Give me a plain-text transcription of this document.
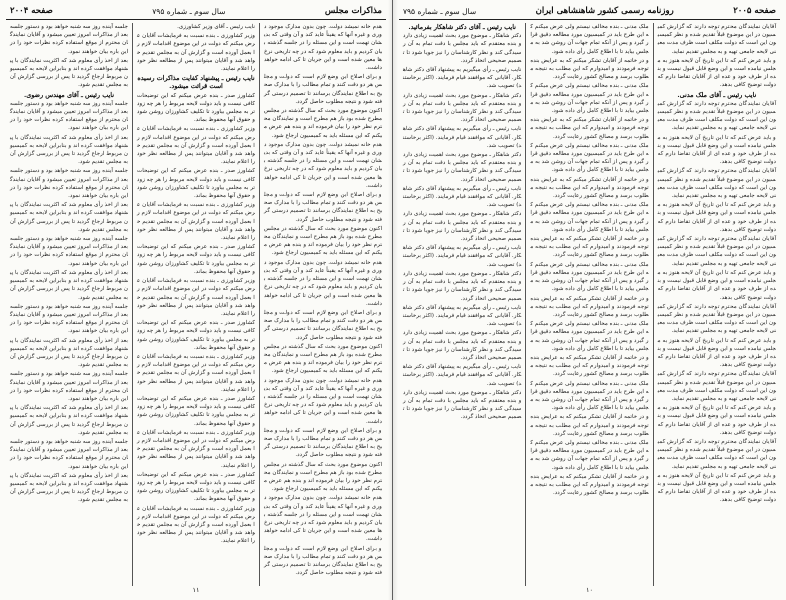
مذاکرات مجلس
سال سوم ـ شماره ۷۹۵
صفحه ۲۰۰۴

هدم خانه نمیشد دولت. چون بدون مدارک موجود دوری و غیره آنها که یقیناً عاید کند و آن وقتی که بدیشان تهمت است و این مسئله را در جلسه گذشته بیان کردیم و باید معلوم شود که در چه تاریخی نرخ ها معین شده است و این جریان تا کی ادامه خواهد داشت.

و برای اصلاح این وضع لازم است که دولت و مجلس هر دو دقت کنند و تمام مطالب را با مدارک صحیح به اطلاع نمایندگان برسانند تا تصمیم درستی گرفته شود و نتیجه مطلوب حاصل گردد.

اکنون موضوع مورد بحث که سال گذشته در مجلس مطرح شده بود باز هم مطرح است و نمایندگان محترم نظر خود را بیان فرموده اند و بنده هم عرض میکنم که این مسئله باید به کمیسیون ارجاع شود.

هدم خانه نمیشد دولت. چون بدون مدارک موجود دوری و غیره آنها که یقیناً عاید کند و آن وقتی که بدیشان تهمت است و این مسئله را در جلسه گذشته بیان کردیم و باید معلوم شود که در چه تاریخی نرخ ها معین شده است و این جریان تا کی ادامه خواهد داشت.

و برای اصلاح این وضع لازم است که دولت و مجلس هر دو دقت کنند و تمام مطالب را با مدارک صحیح به اطلاع نمایندگان برسانند تا تصمیم درستی گرفته شود و نتیجه مطلوب حاصل گردد.

اکنون موضوع مورد بحث که سال گذشته در مجلس مطرح شده بود باز هم مطرح است و نمایندگان محترم نظر خود را بیان فرموده اند و بنده هم عرض میکنم که این مسئله باید به کمیسیون ارجاع شود.

هدم خانه نمیشد دولت. چون بدون مدارک موجود دوری و غیره آنها که یقیناً عاید کند و آن وقتی که بدیشان تهمت است و این مسئله را در جلسه گذشته بیان کردیم و باید معلوم شود که در چه تاریخی نرخ ها معین شده است و این جریان تا کی ادامه خواهد داشت.

و برای اصلاح این وضع لازم است که دولت و مجلس هر دو دقت کنند و تمام مطالب را با مدارک صحیح به اطلاع نمایندگان برسانند تا تصمیم درستی گرفته شود و نتیجه مطلوب حاصل گردد.

اکنون موضوع مورد بحث که سال گذشته در مجلس مطرح شده بود باز هم مطرح است و نمایندگان محترم نظر خود را بیان فرموده اند و بنده هم عرض میکنم که این مسئله باید به کمیسیون ارجاع شود.

هدم خانه نمیشد دولت. چون بدون مدارک موجود دوری و غیره آنها که یقیناً عاید کند و آن وقتی که بدیشان تهمت است و این مسئله را در جلسه گذشته بیان کردیم و باید معلوم شود که در چه تاریخی نرخ ها معین شده است و این جریان تا کی ادامه خواهد داشت.

و برای اصلاح این وضع لازم است که دولت و مجلس هر دو دقت کنند و تمام مطالب را با مدارک صحیح به اطلاع نمایندگان برسانند تا تصمیم درستی گرفته شود و نتیجه مطلوب حاصل گردد.

اکنون موضوع مورد بحث که سال گذشته در مجلس مطرح شده بود باز هم مطرح است و نمایندگان محترم نظر خود را بیان فرموده اند و بنده هم عرض میکنم که این مسئله باید به کمیسیون ارجاع شود.

هدم خانه نمیشد دولت. چون بدون مدارک موجود دوری و غیره آنها که یقیناً عاید کند و آن وقتی که بدیشان تهمت است و این مسئله را در جلسه گذشته بیان کردیم و باید معلوم شود که در چه تاریخی نرخ ها معین شده است و این جریان تا کی ادامه خواهد داشت.

و برای اصلاح این وضع لازم است که دولت و مجلس هر دو دقت کنند و تمام مطالب را با مدارک صحیح به اطلاع نمایندگان برسانند تا تصمیم درستی گرفته شود و نتیجه مطلوب حاصل گردد.

نایب رئیس ـ آقای وزیر کشاورزی.

وزیر کشاورزی ـ بنده نسبت به فرمایشات آقایان عرض میکنم که دولت در این موضوع اقدامات لازم را بعمل آورده است و گزارش آن به مجلس تقدیم خواهد شد و آقایان میتوانند پس از مطالعه نظر خود را اعلام نمایند.

نایب رئیس ـ پیشنهاد کفایت مذاکرات رسیده است قرائت میشود.

کشاورز صدر ـ بنده عرض میکنم که این توضیحات کافی نیست و باید دولت لایحه مربوط را هر چه زودتر به مجلس بیاورد تا تکلیف کشاورزان روشن شود و حقوق آنها محفوظ بماند.

وزیر کشاورزی ـ بنده نسبت به فرمایشات آقایان عرض میکنم که دولت در این موضوع اقدامات لازم را بعمل آورده است و گزارش آن به مجلس تقدیم خواهد شد و آقایان میتوانند پس از مطالعه نظر خود را اعلام نمایند.

کشاورز صدر ـ بنده عرض میکنم که این توضیحات کافی نیست و باید دولت لایحه مربوط را هر چه زودتر به مجلس بیاورد تا تکلیف کشاورزان روشن شود و حقوق آنها محفوظ بماند.

وزیر کشاورزی ـ بنده نسبت به فرمایشات آقایان عرض میکنم که دولت در این موضوع اقدامات لازم را بعمل آورده است و گزارش آن به مجلس تقدیم خواهد شد و آقایان میتوانند پس از مطالعه نظر خود را اعلام نمایند.

کشاورز صدر ـ بنده عرض میکنم که این توضیحات کافی نیست و باید دولت لایحه مربوط را هر چه زودتر به مجلس بیاورد تا تکلیف کشاورزان روشن شود و حقوق آنها محفوظ بماند.

وزیر کشاورزی ـ بنده نسبت به فرمایشات آقایان عرض میکنم که دولت در این موضوع اقدامات لازم را بعمل آورده است و گزارش آن به مجلس تقدیم خواهد شد و آقایان میتوانند پس از مطالعه نظر خود را اعلام نمایند.

کشاورز صدر ـ بنده عرض میکنم که این توضیحات کافی نیست و باید دولت لایحه مربوط را هر چه زودتر به مجلس بیاورد تا تکلیف کشاورزان روشن شود و حقوق آنها محفوظ بماند.

وزیر کشاورزی ـ بنده نسبت به فرمایشات آقایان عرض میکنم که دولت در این موضوع اقدامات لازم را بعمل آورده است و گزارش آن به مجلس تقدیم خواهد شد و آقایان میتوانند پس از مطالعه نظر خود را اعلام نمایند.

کشاورز صدر ـ بنده عرض میکنم که این توضیحات کافی نیست و باید دولت لایحه مربوط را هر چه زودتر به مجلس بیاورد تا تکلیف کشاورزان روشن شود و حقوق آنها محفوظ بماند.

وزیر کشاورزی ـ بنده نسبت به فرمایشات آقایان عرض میکنم که دولت در این موضوع اقدامات لازم را بعمل آورده است و گزارش آن به مجلس تقدیم خواهد شد و آقایان میتوانند پس از مطالعه نظر خود را اعلام نمایند.

کشاورز صدر ـ بنده عرض میکنم که این توضیحات کافی نیست و باید دولت لایحه مربوط را هر چه زودتر به مجلس بیاورد تا تکلیف کشاورزان روشن شود و حقوق آنها محفوظ بماند.

وزیر کشاورزی ـ بنده نسبت به فرمایشات آقایان عرض میکنم که دولت در این موضوع اقدامات لازم را بعمل آورده است و گزارش آن به مجلس تقدیم خواهد شد و آقایان میتوانند پس از مطالعه نظر خود را اعلام نمایند.

جلسه آینده روز سه شنبه خواهد بود و دستور جلسه بعد از مذاکرات امروز تعیین میشود و آقایان نمایندگان محترم از موقع استفاده کرده نظرات خود را در این باره بیان خواهند نمود.

بعد از اخذ رأی معلوم شد که اکثریت نمایندگان با پیشنهاد موافقت کرده اند و بنابراین لایحه به کمیسیون مربوط ارجاع گردید تا پس از بررسی گزارش آن به مجلس تقدیم شود.

نایب رئیس ـ آقای مهندس رضوی.

جلسه آینده روز سه شنبه خواهد بود و دستور جلسه بعد از مذاکرات امروز تعیین میشود و آقایان نمایندگان محترم از موقع استفاده کرده نظرات خود را در این باره بیان خواهند نمود.

بعد از اخذ رأی معلوم شد که اکثریت نمایندگان با پیشنهاد موافقت کرده اند و بنابراین لایحه به کمیسیون مربوط ارجاع گردید تا پس از بررسی گزارش آن به مجلس تقدیم شود.

جلسه آینده روز سه شنبه خواهد بود و دستور جلسه بعد از مذاکرات امروز تعیین میشود و آقایان نمایندگان محترم از موقع استفاده کرده نظرات خود را در این باره بیان خواهند نمود.

بعد از اخذ رأی معلوم شد که اکثریت نمایندگان با پیشنهاد موافقت کرده اند و بنابراین لایحه به کمیسیون مربوط ارجاع گردید تا پس از بررسی گزارش آن به مجلس تقدیم شود.

جلسه آینده روز سه شنبه خواهد بود و دستور جلسه بعد از مذاکرات امروز تعیین میشود و آقایان نمایندگان محترم از موقع استفاده کرده نظرات خود را در این باره بیان خواهند نمود.

بعد از اخذ رأی معلوم شد که اکثریت نمایندگان با پیشنهاد موافقت کرده اند و بنابراین لایحه به کمیسیون مربوط ارجاع گردید تا پس از بررسی گزارش آن به مجلس تقدیم شود.

جلسه آینده روز سه شنبه خواهد بود و دستور جلسه بعد از مذاکرات امروز تعیین میشود و آقایان نمایندگان محترم از موقع استفاده کرده نظرات خود را در این باره بیان خواهند نمود.

بعد از اخذ رأی معلوم شد که اکثریت نمایندگان با پیشنهاد موافقت کرده اند و بنابراین لایحه به کمیسیون مربوط ارجاع گردید تا پس از بررسی گزارش آن به مجلس تقدیم شود.

جلسه آینده روز سه شنبه خواهد بود و دستور جلسه بعد از مذاکرات امروز تعیین میشود و آقایان نمایندگان محترم از موقع استفاده کرده نظرات خود را در این باره بیان خواهند نمود.

بعد از اخذ رأی معلوم شد که اکثریت نمایندگان با پیشنهاد موافقت کرده اند و بنابراین لایحه به کمیسیون مربوط ارجاع گردید تا پس از بررسی گزارش آن به مجلس تقدیم شود.

جلسه آینده روز سه شنبه خواهد بود و دستور جلسه بعد از مذاکرات امروز تعیین میشود و آقایان نمایندگان محترم از موقع استفاده کرده نظرات خود را در این باره بیان خواهند نمود.

بعد از اخذ رأی معلوم شد که اکثریت نمایندگان با پیشنهاد موافقت کرده اند و بنابراین لایحه به کمیسیون مربوط ارجاع گردید تا پس از بررسی گزارش آن به مجلس تقدیم شود.

۱۱
صفحه ۲۰۰۵
روزنامه رسمی کشور شاهنشاهی ایران
سال سوم ـ شماره ۷۹۵

آقایان نمایندگان محترم توجه دارند که گزارش کمیسیون در این موضوع قبلاً تقدیم شده و نظر کمیسیون این است که دولت مکلف است ظرف مدت معینی لایحه جامعی تهیه و به مجلس تقدیم نماید.

و باید عرض کنم که تا این تاریخ آن لایحه هنوز به مجلس نیامده است و این وضع قابل قبول نیست و بنده از طرف خود و عده ای از آقایان تقاضا دارم که دولت توضیح کافی بدهد.

نایب رئیس ـ آقای ملک مدنی.

آقایان نمایندگان محترم توجه دارند که گزارش کمیسیون در این موضوع قبلاً تقدیم شده و نظر کمیسیون این است که دولت مکلف است ظرف مدت معینی لایحه جامعی تهیه و به مجلس تقدیم نماید.

و باید عرض کنم که تا این تاریخ آن لایحه هنوز به مجلس نیامده است و این وضع قابل قبول نیست و بنده از طرف خود و عده ای از آقایان تقاضا دارم که دولت توضیح کافی بدهد.

آقایان نمایندگان محترم توجه دارند که گزارش کمیسیون در این موضوع قبلاً تقدیم شده و نظر کمیسیون این است که دولت مکلف است ظرف مدت معینی لایحه جامعی تهیه و به مجلس تقدیم نماید.

و باید عرض کنم که تا این تاریخ آن لایحه هنوز به مجلس نیامده است و این وضع قابل قبول نیست و بنده از طرف خود و عده ای از آقایان تقاضا دارم که دولت توضیح کافی بدهد.

آقایان نمایندگان محترم توجه دارند که گزارش کمیسیون در این موضوع قبلاً تقدیم شده و نظر کمیسیون این است که دولت مکلف است ظرف مدت معینی لایحه جامعی تهیه و به مجلس تقدیم نماید.

و باید عرض کنم که تا این تاریخ آن لایحه هنوز به مجلس نیامده است و این وضع قابل قبول نیست و بنده از طرف خود و عده ای از آقایان تقاضا دارم که دولت توضیح کافی بدهد.

آقایان نمایندگان محترم توجه دارند که گزارش کمیسیون در این موضوع قبلاً تقدیم شده و نظر کمیسیون این است که دولت مکلف است ظرف مدت معینی لایحه جامعی تهیه و به مجلس تقدیم نماید.

و باید عرض کنم که تا این تاریخ آن لایحه هنوز به مجلس نیامده است و این وضع قابل قبول نیست و بنده از طرف خود و عده ای از آقایان تقاضا دارم که دولت توضیح کافی بدهد.

آقایان نمایندگان محترم توجه دارند که گزارش کمیسیون در این موضوع قبلاً تقدیم شده و نظر کمیسیون این است که دولت مکلف است ظرف مدت معینی لایحه جامعی تهیه و به مجلس تقدیم نماید.

و باید عرض کنم که تا این تاریخ آن لایحه هنوز به مجلس نیامده است و این وضع قابل قبول نیست و بنده از طرف خود و عده ای از آقایان تقاضا دارم که دولت توضیح کافی بدهد.

آقایان نمایندگان محترم توجه دارند که گزارش کمیسیون در این موضوع قبلاً تقدیم شده و نظر کمیسیون این است که دولت مکلف است ظرف مدت معینی لایحه جامعی تهیه و به مجلس تقدیم نماید.

و باید عرض کنم که تا این تاریخ آن لایحه هنوز به مجلس نیامده است و این وضع قابل قبول نیست و بنده از طرف خود و عده ای از آقایان تقاضا دارم که دولت توضیح کافی بدهد.

ملک مدنی ـ بنده مخالف نیستم ولی عرض میکنم که این طرح باید در کمیسیون مورد مطالعه دقیق قرار گیرد و پس از آنکه تمام جهات آن روشن شد به مجلس بیاید تا با اطلاع کامل رأی داده شود.

و در خاتمه از آقایان تشکر میکنم که به عرایض بنده توجه فرمودند و امیدوارم که این مطلب به نتیجه مطلوب برسد و مصالح کشور رعایت گردد.

ملک مدنی ـ بنده مخالف نیستم ولی عرض میکنم که این طرح باید در کمیسیون مورد مطالعه دقیق قرار گیرد و پس از آنکه تمام جهات آن روشن شد به مجلس بیاید تا با اطلاع کامل رأی داده شود.

و در خاتمه از آقایان تشکر میکنم که به عرایض بنده توجه فرمودند و امیدوارم که این مطلب به نتیجه مطلوب برسد و مصالح کشور رعایت گردد.

ملک مدنی ـ بنده مخالف نیستم ولی عرض میکنم که این طرح باید در کمیسیون مورد مطالعه دقیق قرار گیرد و پس از آنکه تمام جهات آن روشن شد به مجلس بیاید تا با اطلاع کامل رأی داده شود.

و در خاتمه از آقایان تشکر میکنم که به عرایض بنده توجه فرمودند و امیدوارم که این مطلب به نتیجه مطلوب برسد و مصالح کشور رعایت گردد.

ملک مدنی ـ بنده مخالف نیستم ولی عرض میکنم که این طرح باید در کمیسیون مورد مطالعه دقیق قرار گیرد و پس از آنکه تمام جهات آن روشن شد به مجلس بیاید تا با اطلاع کامل رأی داده شود.

و در خاتمه از آقایان تشکر میکنم که به عرایض بنده توجه فرمودند و امیدوارم که این مطلب به نتیجه مطلوب برسد و مصالح کشور رعایت گردد.

ملک مدنی ـ بنده مخالف نیستم ولی عرض میکنم که این طرح باید در کمیسیون مورد مطالعه دقیق قرار گیرد و پس از آنکه تمام جهات آن روشن شد به مجلس بیاید تا با اطلاع کامل رأی داده شود.

و در خاتمه از آقایان تشکر میکنم که به عرایض بنده توجه فرمودند و امیدوارم که این مطلب به نتیجه مطلوب برسد و مصالح کشور رعایت گردد.

ملک مدنی ـ بنده مخالف نیستم ولی عرض میکنم که این طرح باید در کمیسیون مورد مطالعه دقیق قرار گیرد و پس از آنکه تمام جهات آن روشن شد به مجلس بیاید تا با اطلاع کامل رأی داده شود.

و در خاتمه از آقایان تشکر میکنم که به عرایض بنده توجه فرمودند و امیدوارم که این مطلب به نتیجه مطلوب برسد و مصالح کشور رعایت گردد.

ملک مدنی ـ بنده مخالف نیستم ولی عرض میکنم که این طرح باید در کمیسیون مورد مطالعه دقیق قرار گیرد و پس از آنکه تمام جهات آن روشن شد به مجلس بیاید تا با اطلاع کامل رأی داده شود.

و در خاتمه از آقایان تشکر میکنم که به عرایض بنده توجه فرمودند و امیدوارم که این مطلب به نتیجه مطلوب برسد و مصالح کشور رعایت گردد.

ملک مدنی ـ بنده مخالف نیستم ولی عرض میکنم که این طرح باید در کمیسیون مورد مطالعه دقیق قرار گیرد و پس از آنکه تمام جهات آن روشن شد به مجلس بیاید تا با اطلاع کامل رأی داده شود.

و در خاتمه از آقایان تشکر میکنم که به عرایض بنده توجه فرمودند و امیدوارم که این مطلب به نتیجه مطلوب برسد و مصالح کشور رعایت گردد.

نایب رئیس ـ آقای دکتر شاهکار بفرمائید.

دکتر شاهکار ـ موضوع مورد بحث اهمیت زیادی دارد و بنده معتقدم که باید مجلس با دقت تمام به آن رسیدگی کند و نظر کارشناسان را نیز جویا شود تا تصمیم صحیحی اتخاذ گردد.

نایب رئیس ـ رأی میگیریم به پیشنهاد آقای دکتر شاهکار. آقایانی که موافقند قیام فرمایند. (اکثر برخاستند) تصویب شد.

دکتر شاهکار ـ موضوع مورد بحث اهمیت زیادی دارد و بنده معتقدم که باید مجلس با دقت تمام به آن رسیدگی کند و نظر کارشناسان را نیز جویا شود تا تصمیم صحیحی اتخاذ گردد.

نایب رئیس ـ رأی میگیریم به پیشنهاد آقای دکتر شاهکار. آقایانی که موافقند قیام فرمایند. (اکثر برخاستند) تصویب شد.

دکتر شاهکار ـ موضوع مورد بحث اهمیت زیادی دارد و بنده معتقدم که باید مجلس با دقت تمام به آن رسیدگی کند و نظر کارشناسان را نیز جویا شود تا تصمیم صحیحی اتخاذ گردد.

نایب رئیس ـ رأی میگیریم به پیشنهاد آقای دکتر شاهکار. آقایانی که موافقند قیام فرمایند. (اکثر برخاستند) تصویب شد.

دکتر شاهکار ـ موضوع مورد بحث اهمیت زیادی دارد و بنده معتقدم که باید مجلس با دقت تمام به آن رسیدگی کند و نظر کارشناسان را نیز جویا شود تا تصمیم صحیحی اتخاذ گردد.

نایب رئیس ـ رأی میگیریم به پیشنهاد آقای دکتر شاهکار. آقایانی که موافقند قیام فرمایند. (اکثر برخاستند) تصویب شد.

دکتر شاهکار ـ موضوع مورد بحث اهمیت زیادی دارد و بنده معتقدم که باید مجلس با دقت تمام به آن رسیدگی کند و نظر کارشناسان را نیز جویا شود تا تصمیم صحیحی اتخاذ گردد.

نایب رئیس ـ رأی میگیریم به پیشنهاد آقای دکتر شاهکار. آقایانی که موافقند قیام فرمایند. (اکثر برخاستند) تصویب شد.

دکتر شاهکار ـ موضوع مورد بحث اهمیت زیادی دارد و بنده معتقدم که باید مجلس با دقت تمام به آن رسیدگی کند و نظر کارشناسان را نیز جویا شود تا تصمیم صحیحی اتخاذ گردد.

نایب رئیس ـ رأی میگیریم به پیشنهاد آقای دکتر شاهکار. آقایانی که موافقند قیام فرمایند. (اکثر برخاستند) تصویب شد.

دکتر شاهکار ـ موضوع مورد بحث اهمیت زیادی دارد و بنده معتقدم که باید مجلس با دقت تمام به آن رسیدگی کند و نظر کارشناسان را نیز جویا شود تا تصمیم صحیحی اتخاذ گردد.

۱۰
